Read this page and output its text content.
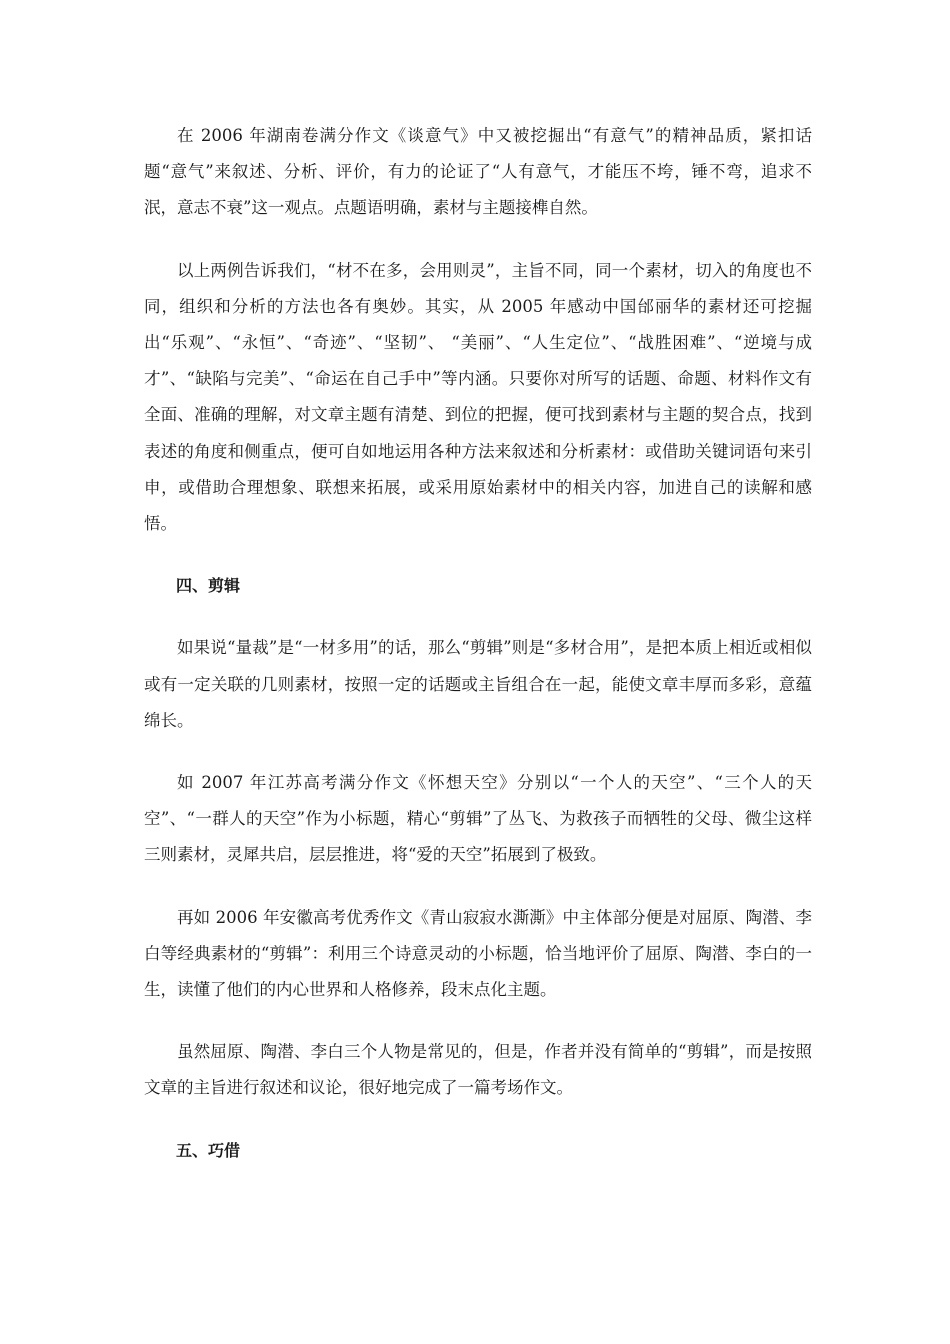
在 2006 年湖南卷满分作文《谈意气》中又被挖掘出“有意气”的精神品质，紧扣话题“意气”来叙述、分析、评价，有力的论证了“人有意气，才能压不垮，锤不弯，追求不泯，意志不衰”这一观点。点题语明确，素材与主题接榫自然。

以上两例告诉我们，“材不在多，会用则灵”，主旨不同，同一个素材，切入的角度也不同，组织和分析的方法也各有奥妙。其实，从 2005 年感动中国邰丽华的素材还可挖掘出“乐观”、“永恒”、“奇迹”、“坚韧”、 “美丽”、“人生定位”、“战胜困难”、“逆境与成才”、“缺陷与完美”、“命运在自己手中”等内涵。只要你对所写的话题、命题、材料作文有全面、准确的理解，对文章主题有清楚、到位的把握，便可找到素材与主题的契合点，找到表述的角度和侧重点，便可自如地运用各种方法来叙述和分析素材：或借助关键词语句来引申，或借助合理想象、联想来拓展，或采用原始素材中的相关内容，加进自己的读解和感悟。

四、剪辑

如果说“量裁”是“一材多用”的话，那么“剪辑”则是“多材合用”，是把本质上相近或相似或有一定关联的几则素材，按照一定的话题或主旨组合在一起，能使文章丰厚而多彩，意蕴绵长。

如 2007 年江苏高考满分作文《怀想天空》分别以“一个人的天空”、“三个人的天空”、“一群人的天空”作为小标题，精心“剪辑”了丛飞、为救孩子而牺牲的父母、微尘这样三则素材，灵犀共启，层层推进，将“爱的天空”拓展到了极致。

再如 2006 年安徽高考优秀作文《青山寂寂水澌澌》中主体部分便是对屈原、陶潜、李白等经典素材的“剪辑”：利用三个诗意灵动的小标题，恰当地评价了屈原、陶潜、李白的一生，读懂了他们的内心世界和人格修养，段末点化主题。

虽然屈原、陶潜、李白三个人物是常见的，但是，作者并没有简单的“剪辑”，而是按照文章的主旨进行叙述和议论，很好地完成了一篇考场作文。

五、巧借
